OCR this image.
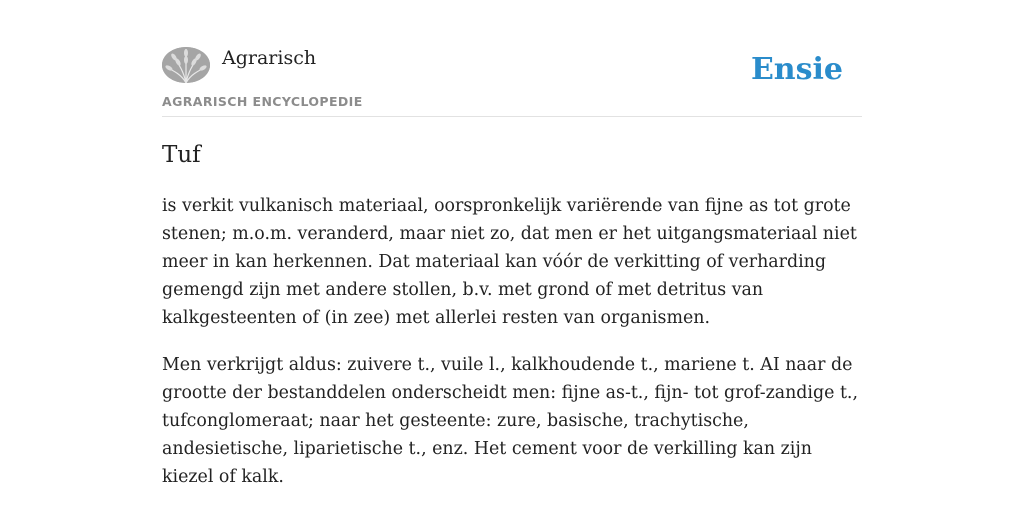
Agrarisch
AGRARISCH ENCYCLOPEDIE
Ensie
Tuf

is verkit vulkanisch materiaal, oorspronkelijk variërende van fijne as tot grote stenen; m.o.m. veranderd, maar niet zo, dat men er het uitgangsmateriaal niet meer in kan herkennen. Dat materiaal kan vóór de verkitting of verharding gemengd zijn met andere stollen, b.v. met grond of met detritus van kalkgesteenten of (in zee) met allerlei resten van organismen.

Men verkrijgt aldus: zuivere t., vuile l., kalkhoudende t., mariene t. AI naar de grootte der bestanddelen onderscheidt men: fijne as-t., fijn- tot grof-zandige t., tufconglomeraat; naar het gesteente: zure, basische, trachytische, andesietische, liparietische t., enz. Het cement voor de verkilling kan zijn kiezel of kalk.
